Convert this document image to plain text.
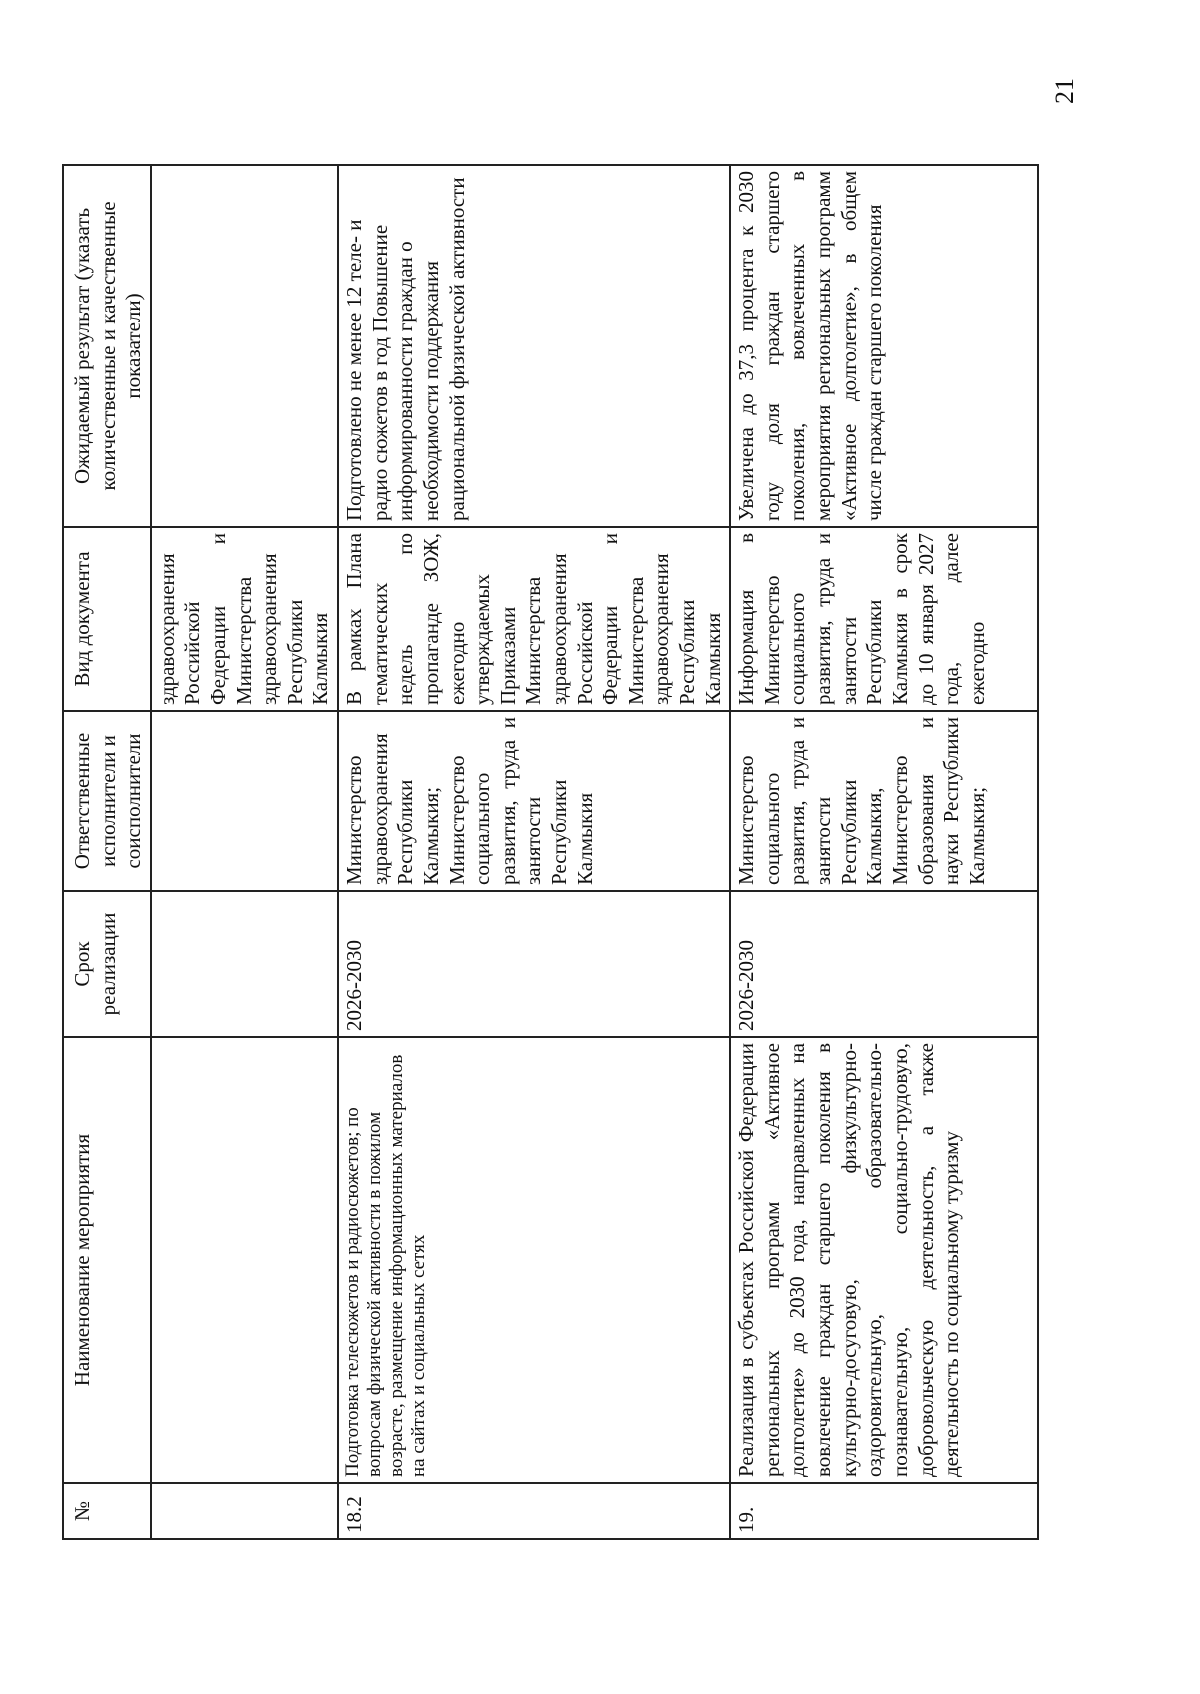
№	Наименование мероприятия	Срок реализации	Ответственные исполнители и соисполнители	Вид документа	Ожидаемый результат (указать количественные и качественные показатели)
				здравоохранения Российской Федерации и Министерства здравоохранения Республики Калмыкия	
18.2	Подготовка телесюжетов и радиосюжетов; по вопросам физической активности в пожилом возрасте, размещение информационных материалов на сайтах и социальных сетях	2026-2030	Министерство здравоохранения Республики Калмыкия; Министерство социального развития, труда и занятости Республики Калмыкия	В рамках Плана тематических недель по пропаганде ЗОЖ, ежегодно утверждаемых Приказами Министерства здравоохранения Российской Федерации и Министерства здравоохранения Республики Калмыкия	Подготовлено не менее 12 теле- и радио сюжетов в год Повышение информированности граждан о необходимости поддержания рациональной физической активности
19.	Реализация в субъектах Российской Федерации региональных программ «Активное долголетие» до 2030 года, направленных на вовлечение граждан старшего поколения в культурно-досуговую, физкультурно-оздоровительную, образовательно-познавательную, социально-трудовую, добровольческую деятельность, а также деятельность по социальному туризму	2026-2030	Министерство социального развития, труда и занятости Республики Калмыкия, Министерство образования и науки Республики Калмыкия;	Информация в Министерство социального развития, труда и занятости Республики Калмыкия в срок до 10 января 2027 года, далее ежегодно	Увеличена до 37,3 процента к 2030 году доля граждан старшего поколения, вовлеченных в мероприятия региональных программ «Активное долголетие», в общем числе граждан старшего поколения
21
